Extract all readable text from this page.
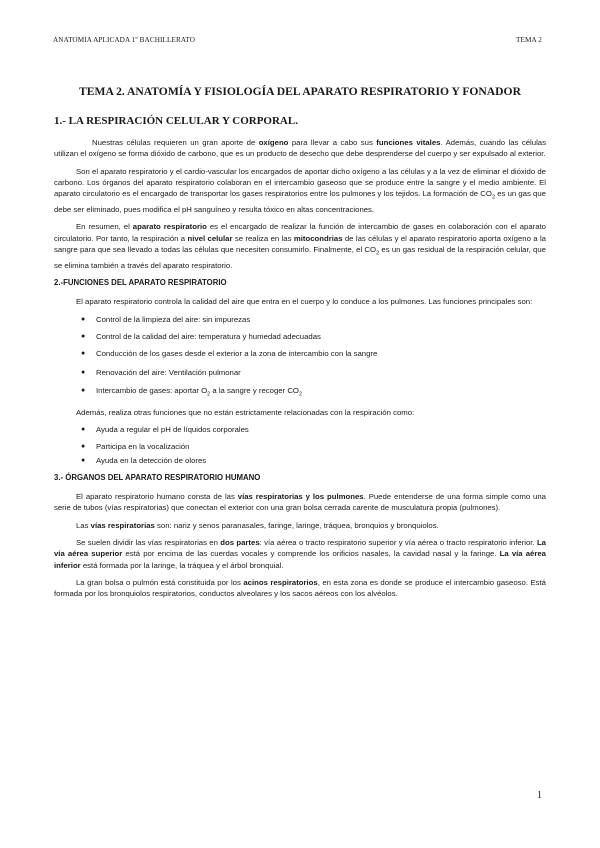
ANATOMIA APLICADA 1º BACHILLERATO	TEMA 2
TEMA 2. ANATOMÍA Y FISIOLOGÍA DEL APARATO RESPIRATORIO Y FONADOR
1.- LA RESPIRACIÓN CELULAR Y CORPORAL.

Nuestras células requieren un gran aporte de oxígeno para llevar a cabo sus funciones vitales. Además, cuando las células utilizan el oxígeno se forma dióxido de carbono, que es un producto de desecho que debe desprenderse del cuerpo y ser expulsado al exterior.

Son el aparato respiratorio y el cardio-vascular los encargados de aportar dicho oxígeno a las células y a la vez de eliminar el dióxido de carbono. Los órganos del aparato respiratorio colaboran en el intercambio gaseoso que se produce entre la sangre y el medio ambiente. El aparato circulatorio es el encargado de transportar los gases respiratorios entre los pulmones y los tejidos. La formación de $CO_2$ es un gas que debe ser eliminado, pues modifica el pH sanguíneo y resulta tóxico en altas concentraciones.

En resumen, el aparato respiratorio es el encargado de realizar la función de intercambio de gases en colaboración con el aparato circulatorio. Por tanto, la respiración a nivel celular se realiza en las mitocondrias de las células y el aparato respiratorio aporta oxígeno a la sangre para que sea llevado a todas las células que necesiten consumirlo. Finalmente, el $CO_2$ es un gas residual de la respiración celular, que se elimina también a través del aparato respiratorio.

2.-FUNCIONES DEL APARATO RESPIRATORIO

El aparato respiratorio controla la calidad del aire que entra en el cuerpo y lo conduce a los pulmones. Las funciones principales son:

● Control de la limpieza del aire: sin impurezas
● Control de la calidad del aire: temperatura y humedad adecuadas
● Conducción de los gases desde el exterior a la zona de intercambio con la sangre
● Renovación del aire: Ventilación pulmonar
● Intercambio de gases: aportar $O_2$ a la sangre y recoger $CO_2$

Además, realiza otras funciones que no están estrictamente relacionadas con la respiración como:

● Ayuda a regular el pH de líquidos corporales
● Participa en la vocalización
● Ayuda en la detección de olores
3.- ÓRGANOS DEL APARATO RESPIRATORIO HUMANO

El aparato respiratorio humano consta de las vías respiratorias y los pulmones. Puede entenderse de una forma simple como una serie de tubos (vías respiratorias) que conectan el exterior con una gran bolsa cerrada carente de musculatura propia (pulmones).

Las vías respiratorias son: nariz y senos paranasales, faringe, laringe, tráquea, bronquios y bronquiolos.

Se suelen dividir las vías respiratorias en dos partes: vía aérea o tracto respiratorio superior y vía aérea o tracto respiratorio inferior. La vía aérea superior está por encima de las cuerdas vocales y comprende los orificios nasales, la cavidad nasal y la faringe. La vía aérea inferior está formada por la laringe, la tráquea y el árbol bronquial.

La gran bolsa o pulmón está constituida por los acinos respiratorios, en esta zona es donde se produce el intercambio gaseoso. Está formada por los bronquiolos respiratorios, conductos alveolares y los sacos aéreos con los alvéolos.

1
